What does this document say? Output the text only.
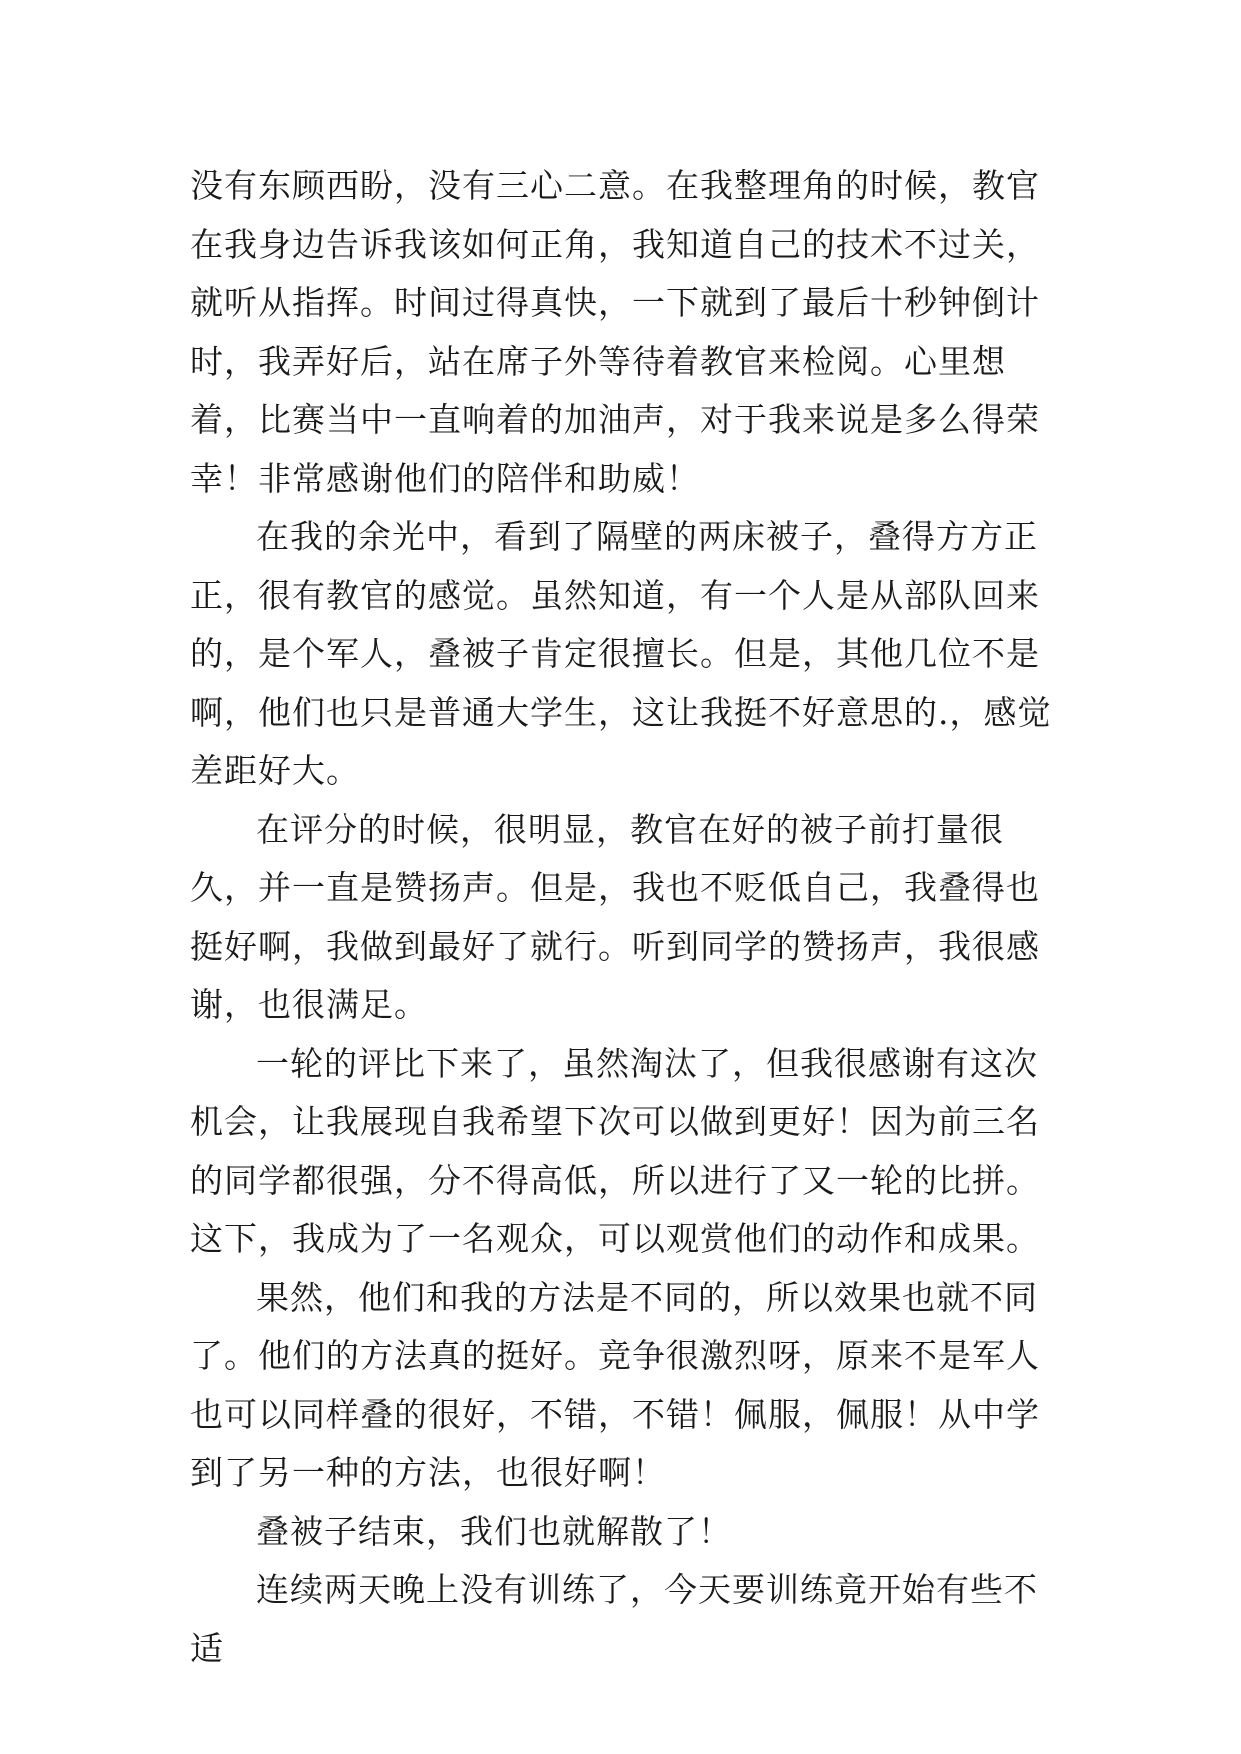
没有东顾西盼，没有三心二意。在我整理角的时候，教官在我身边告诉我该如何正角，我知道自己的技术不过关，就听从指挥。时间过得真快，一下就到了最后十秒钟倒计时，我弄好后，站在席子外等待着教官来检阅。心里想着，比赛当中一直响着的加油声，对于我来说是多么得荣幸！非常感谢他们的陪伴和助威！

在我的余光中，看到了隔壁的两床被子，叠得方方正正，很有教官的感觉。虽然知道，有一个人是从部队回来的，是个军人，叠被子肯定很擅长。但是，其他几位不是啊，他们也只是普通大学生，这让我挺不好意思的.，感觉差距好大。

在评分的时候，很明显，教官在好的被子前打量很久，并一直是赞扬声。但是，我也不贬低自己，我叠得也挺好啊，我做到最好了就行。听到同学的赞扬声，我很感谢，也很满足。

一轮的评比下来了，虽然淘汰了，但我很感谢有这次机会，让我展现自我希望下次可以做到更好！因为前三名的同学都很强，分不得高低，所以进行了又一轮的比拼。这下，我成为了一名观众，可以观赏他们的动作和成果。

果然，他们和我的方法是不同的，所以效果也就不同了。他们的方法真的挺好。竞争很激烈呀，原来不是军人也可以同样叠的很好，不错，不错！佩服，佩服！从中学到了另一种的方法，也很好啊！

叠被子结束，我们也就解散了！

连续两天晚上没有训练了，今天要训练竟开始有些不适
